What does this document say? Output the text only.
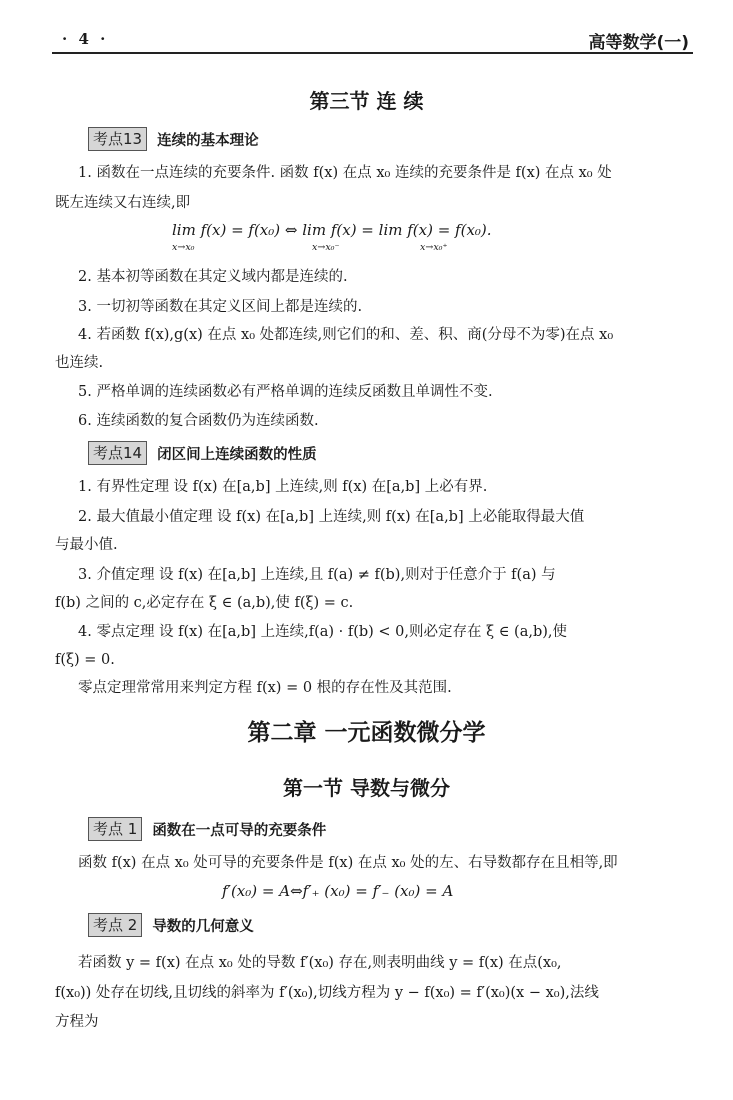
· 4 ·	高等数学(一)
第三节 连 续
考点13	连续的基本理论
1. 函数在一点连续的充要条件. 函数 f(x) 在点 x₀ 连续的充要条件是 f(x) 在点 x₀ 处
既左连续又右连续,即
lim f(x) = f(x₀) ⇔ lim f(x) = lim f(x) = f(x₀).
x→x₀	x→x₀⁻	x→x₀⁺
2. 基本初等函数在其定义域内都是连续的.
3. 一切初等函数在其定义区间上都是连续的.
4. 若函数 f(x),g(x) 在点 x₀ 处都连续,则它们的和、差、积、商(分母不为零)在点 x₀
也连续.
5. 严格单调的连续函数必有严格单调的连续反函数且单调性不变.
6. 连续函数的复合函数仍为连续函数.
考点14	闭区间上连续函数的性质
1. 有界性定理 设 f(x) 在[a,b] 上连续,则 f(x) 在[a,b] 上必有界.
2. 最大值最小值定理 设 f(x) 在[a,b] 上连续,则 f(x) 在[a,b] 上必能取得最大值
与最小值.
3. 介值定理 设 f(x) 在[a,b] 上连续,且 f(a) ≠ f(b),则对于任意介于 f(a) 与
f(b) 之间的 c,必定存在 ξ ∈ (a,b),使 f(ξ) = c.
4. 零点定理 设 f(x) 在[a,b] 上连续,f(a) · f(b) < 0,则必定存在 ξ ∈ (a,b),使
f(ξ) = 0.
零点定理常常用来判定方程 f(x) = 0 根的存在性及其范围.
第二章 一元函数微分学
第一节 导数与微分
考点 1	函数在一点可导的充要条件
函数 f(x) 在点 x₀ 处可导的充要条件是 f(x) 在点 x₀ 处的左、右导数都存在且相等,即
f′(x₀) = A⇔f′₊ (x₀) = f′₋ (x₀) = A
考点 2	导数的几何意义
若函数 y = f(x) 在点 x₀ 处的导数 f′(x₀) 存在,则表明曲线 y = f(x) 在点(x₀,
f(x₀)) 处存在切线,且切线的斜率为 f′(x₀),切线方程为 y − f(x₀) = f′(x₀)(x − x₀),法线
方程为
